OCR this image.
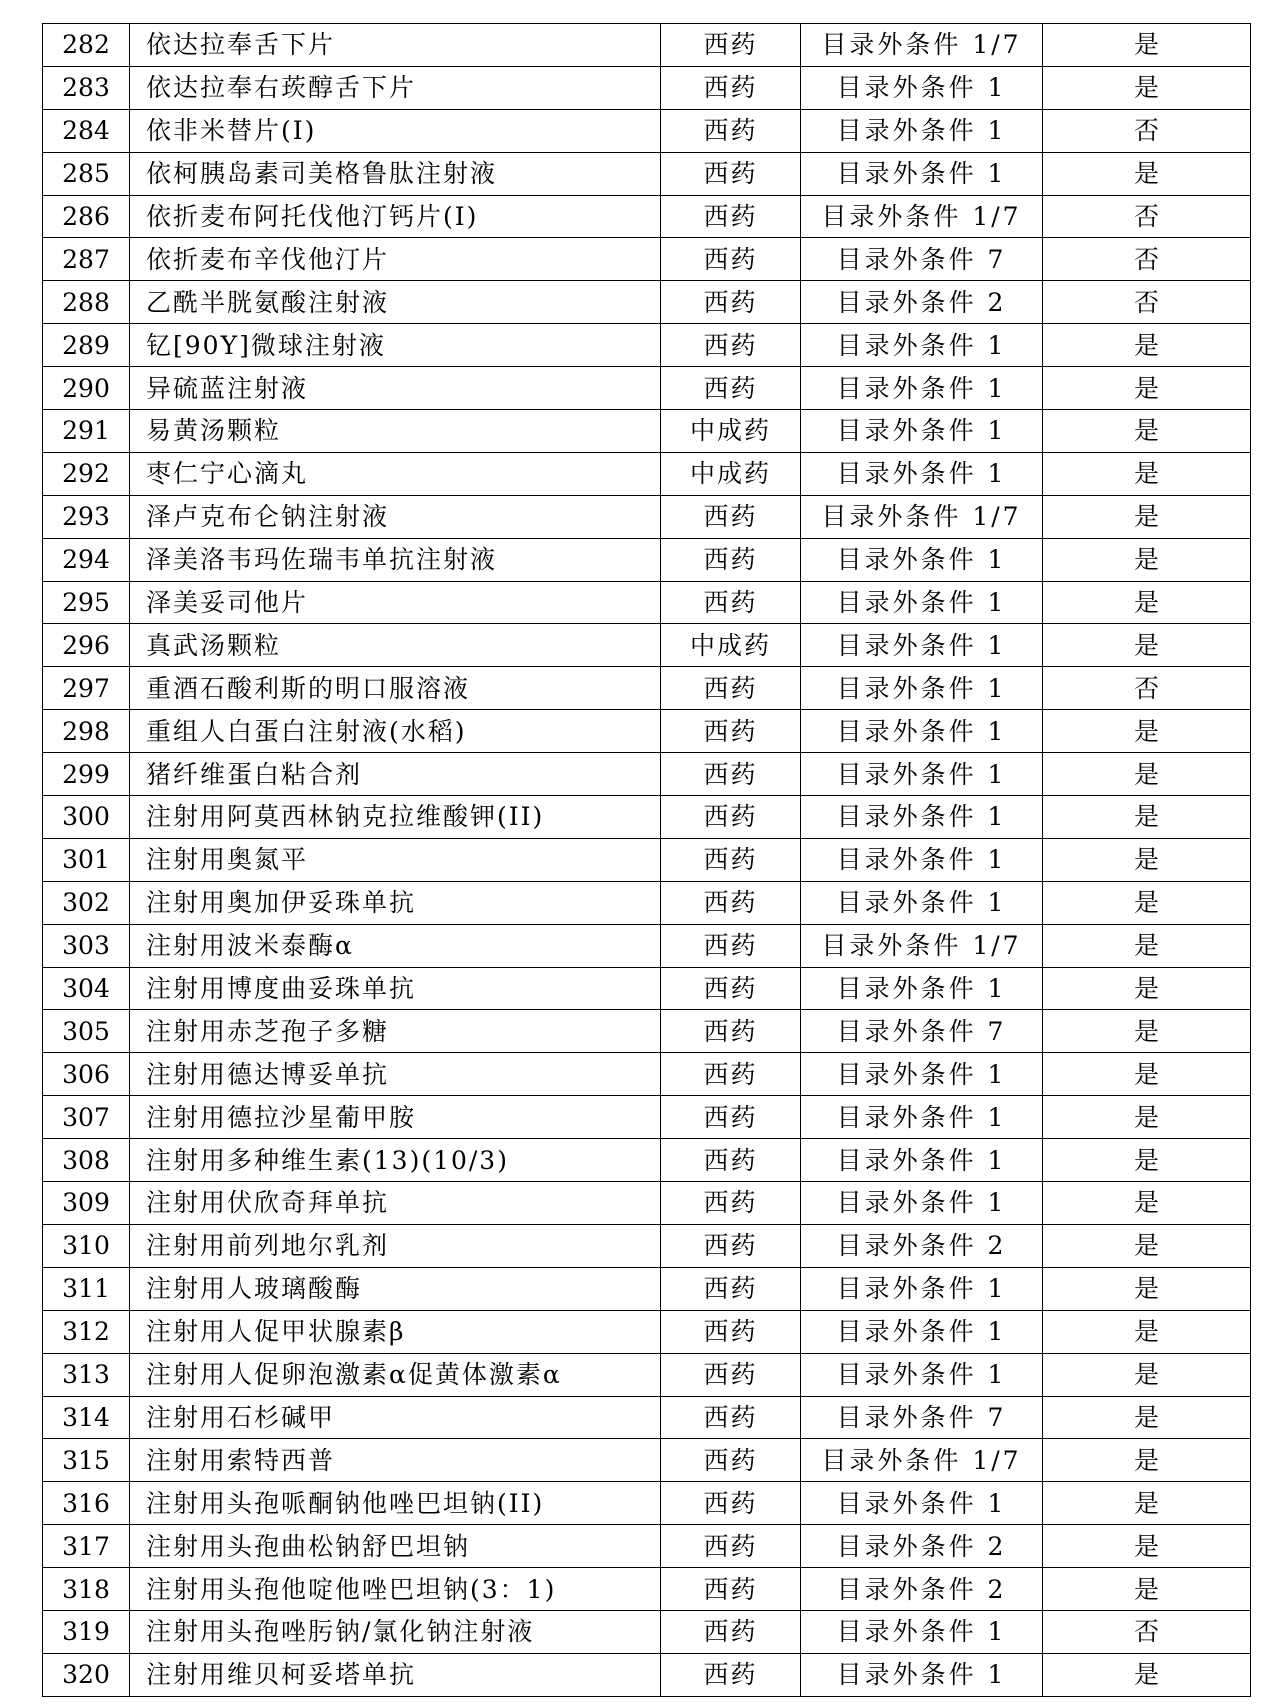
282	依达拉奉舌下片	西药	目录外条件 1/7	是
283	依达拉奉右莰醇舌下片	西药	目录外条件 1	是
284	依非米替片(I)	西药	目录外条件 1	否
285	依柯胰岛素司美格鲁肽注射液	西药	目录外条件 1	是
286	依折麦布阿托伐他汀钙片(I)	西药	目录外条件 1/7	否
287	依折麦布辛伐他汀片	西药	目录外条件 7	否
288	乙酰半胱氨酸注射液	西药	目录外条件 2	否
289	钇[90Y]微球注射液	西药	目录外条件 1	是
290	异硫蓝注射液	西药	目录外条件 1	是
291	易黄汤颗粒	中成药	目录外条件 1	是
292	枣仁宁心滴丸	中成药	目录外条件 1	是
293	泽卢克布仑钠注射液	西药	目录外条件 1/7	是
294	泽美洛韦玛佐瑞韦单抗注射液	西药	目录外条件 1	是
295	泽美妥司他片	西药	目录外条件 1	是
296	真武汤颗粒	中成药	目录外条件 1	是
297	重酒石酸利斯的明口服溶液	西药	目录外条件 1	否
298	重组人白蛋白注射液(水稻)	西药	目录外条件 1	是
299	猪纤维蛋白粘合剂	西药	目录外条件 1	是
300	注射用阿莫西林钠克拉维酸钾(II)	西药	目录外条件 1	是
301	注射用奥氮平	西药	目录外条件 1	是
302	注射用奥加伊妥珠单抗	西药	目录外条件 1	是
303	注射用波米泰酶α	西药	目录外条件 1/7	是
304	注射用博度曲妥珠单抗	西药	目录外条件 1	是
305	注射用赤芝孢子多糖	西药	目录外条件 7	是
306	注射用德达博妥单抗	西药	目录外条件 1	是
307	注射用德拉沙星葡甲胺	西药	目录外条件 1	是
308	注射用多种维生素(13)(10/3)	西药	目录外条件 1	是
309	注射用伏欣奇拜单抗	西药	目录外条件 1	是
310	注射用前列地尔乳剂	西药	目录外条件 2	是
311	注射用人玻璃酸酶	西药	目录外条件 1	是
312	注射用人促甲状腺素β	西药	目录外条件 1	是
313	注射用人促卵泡激素α促黄体激素α	西药	目录外条件 1	是
314	注射用石杉碱甲	西药	目录外条件 7	是
315	注射用索特西普	西药	目录外条件 1/7	是
316	注射用头孢哌酮钠他唑巴坦钠(II)	西药	目录外条件 1	是
317	注射用头孢曲松钠舒巴坦钠	西药	目录外条件 2	是
318	注射用头孢他啶他唑巴坦钠(3：1)	西药	目录外条件 2	是
319	注射用头孢唑肟钠/氯化钠注射液	西药	目录外条件 1	否
320	注射用维贝柯妥塔单抗	西药	目录外条件 1	是
